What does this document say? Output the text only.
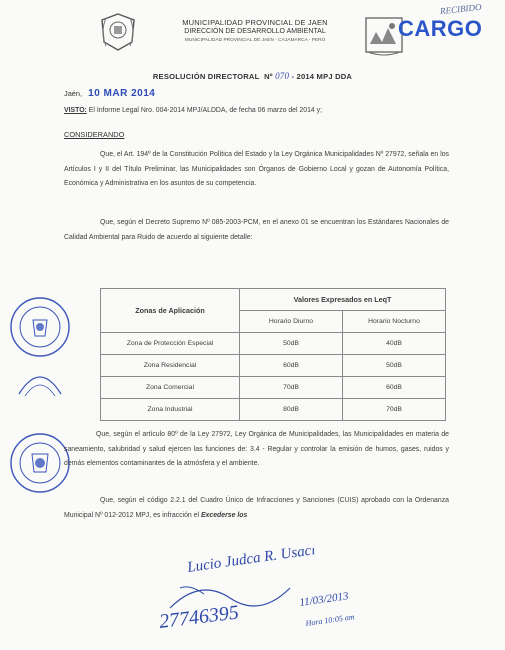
MUNICIPALIDAD PROVINCIAL DE JAEN
DIRECCIÓN DE DESARROLLO AMBIENTAL
MUNICIPALIDAD PROVINCIAL DE JAEN - CAJAMARCA - PERÚ	CARGO
RECIBIDO
RESOLUCIÓN DIRECTORAL Nº 070 - 2014 MPJ DDA
Jaén, 10 MAR 2014
VISTO: El Informe Legal Nro. 004-2014 MPJ/ALDDA, de fecha 06 marzo del 2014 y;
CONSIDERANDO
Que, el Art. 194º de la Constitución Política del Estado y la Ley Orgánica Municipalidades Nº 27972, señala en los Artículos I y II del Título Preliminar, las Municipalidades son Órganos de Gobierno Local y gozan de Autonomía Política, Económica y Administrativa en los asuntos de su competencia.
Que, según el Decreto Supremo Nº 085-2003-PCM, en el anexo 01 se encuentran los Estándares Nacionales de Calidad Ambiental para Ruido de acuerdo al siguiente detalle:
Zonas de Aplicación	Valores Expresados en LeqT	
	Horario Diurno	Horario Nocturno
Zona de Protección Especial	50dB	40dB
Zona Residencial	60dB	50dB
Zona Comercial	70dB	60dB
Zona Industrial	80dB	70dB
Que, según el artículo 80º de la Ley 27972, Ley Orgánica de Municipalidades, las Municipalidades en materia de saneamiento, salubridad y salud ejercen las funciones de: 3.4 - Regular y controlar la emisión de humos, gases, ruidos y demás elementos contaminantes de la atmósfera y el ambiente.
Que, según el código 2.2.1 del Cuadro Único de Infracciones y Sanciones (CUIS) aprobado con la Ordenanza Municipal Nº 012-2012 MPJ, es infracción el Excederse los
Lucio Judca R. Usaci
11/03/2013
27746395	Hora 10:05 am
